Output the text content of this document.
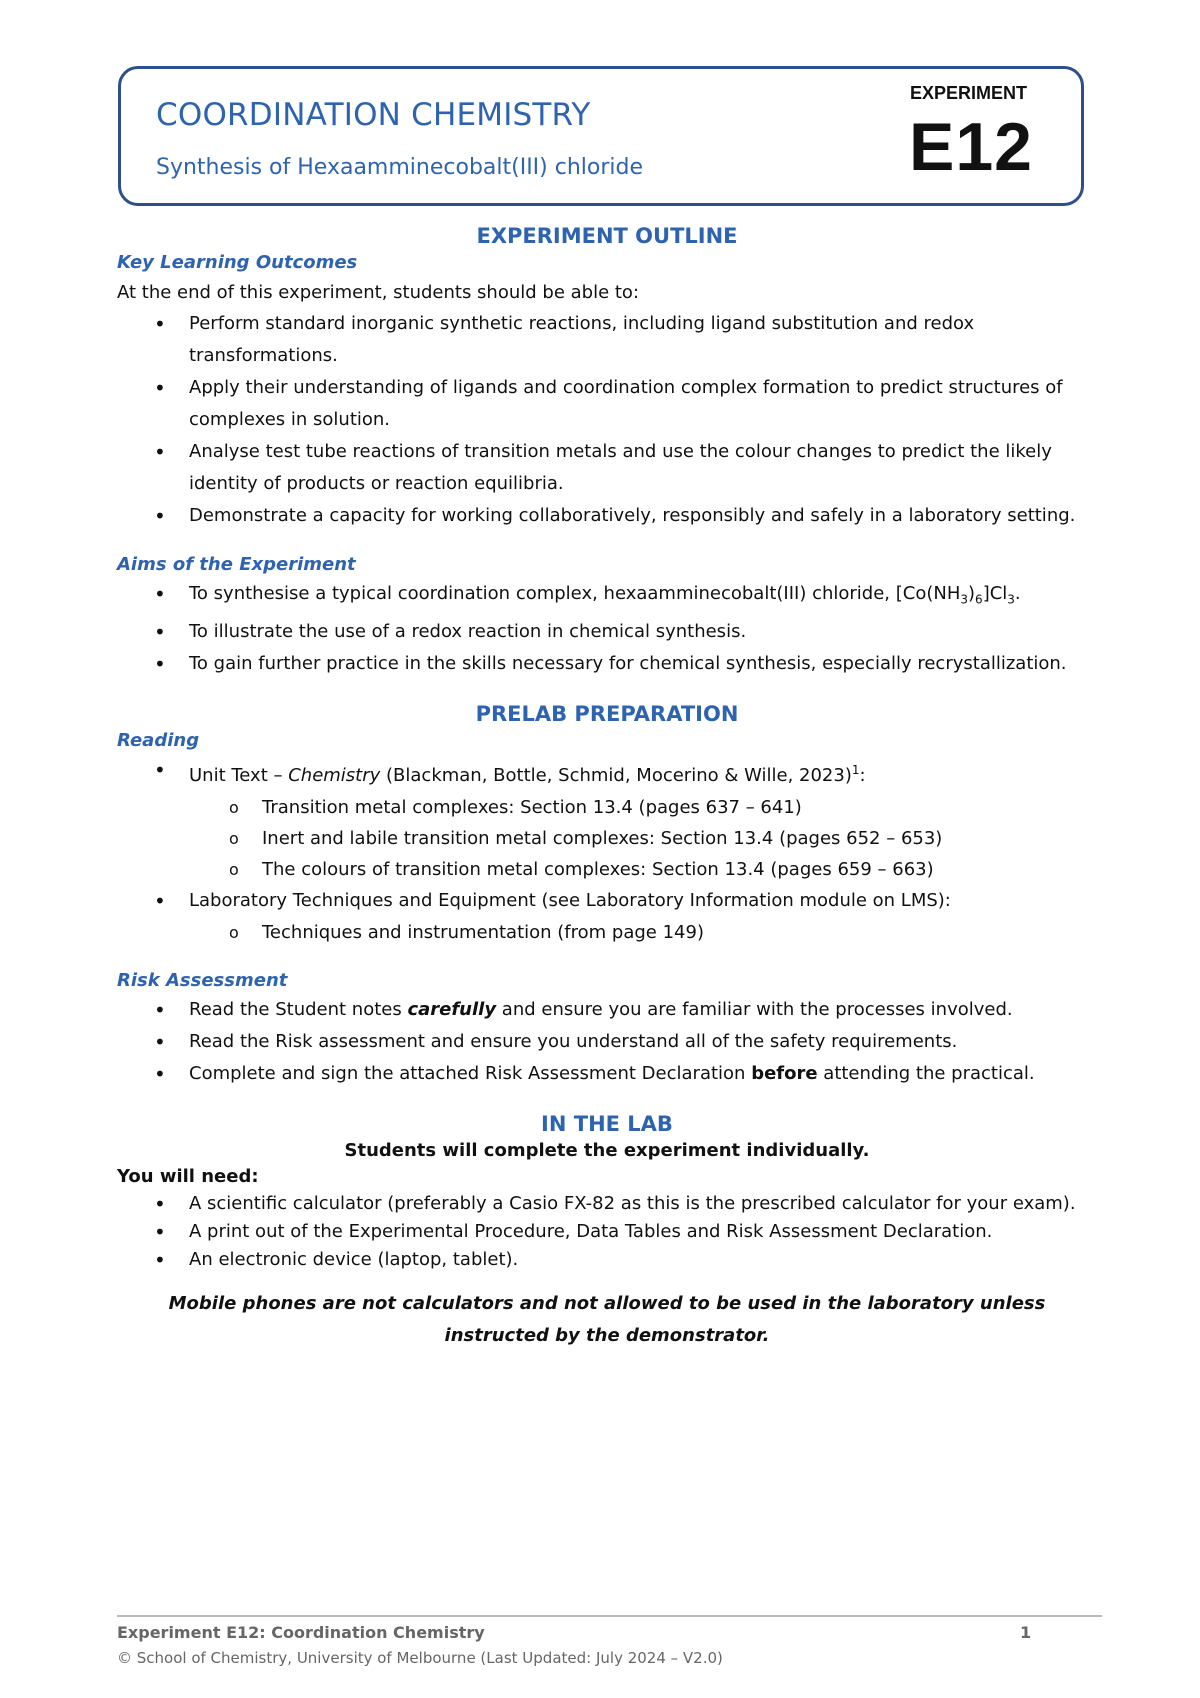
COORDINATION CHEMISTRY
Synthesis of Hexaamminecobalt(III) chloride
EXPERIMENT
E12
EXPERIMENT OUTLINE
Key Learning Outcomes

At the end of this experiment, students should be able to:

• Perform standard inorganic synthetic reactions, including ligand substitution and redox transformations.
• Apply their understanding of ligands and coordination complex formation to predict structures of complexes in solution.
• Analyse test tube reactions of transition metals and use the colour changes to predict the likely identity of products or reaction equilibria.
• Demonstrate a capacity for working collaboratively, responsibly and safely in a laboratory setting.
Aims of the Experiment
• To synthesise a typical coordination complex, hexaamminecobalt(III) chloride, $[Co(NH_3)_6]Cl_3$.
• To illustrate the use of a redox reaction in chemical synthesis.
• To gain further practice in the skills necessary for chemical synthesis, especially recrystallization.
PRELAB PREPARATION
Reading
• Unit Text – Chemistry (Blackman, Bottle, Schmid, Mocerino & Wille, 2023)$^1$:
o Transition metal complexes: Section 13.4 (pages 637 – 641)
o Inert and labile transition metal complexes: Section 13.4 (pages 652 – 653)
o The colours of transition metal complexes: Section 13.4 (pages 659 – 663)
• Laboratory Techniques and Equipment (see Laboratory Information module on LMS):
o Techniques and instrumentation (from page 149)
Risk Assessment
• Read the Student notes carefully and ensure you are familiar with the processes involved.
• Read the Risk assessment and ensure you understand all of the safety requirements.
• Complete and sign the attached Risk Assessment Declaration before attending the practical.
IN THE LAB

Students will complete the experiment individually.

You will need:

• A scientific calculator (preferably a Casio FX-82 as this is the prescribed calculator for your exam).
• A print out of the Experimental Procedure, Data Tables and Risk Assessment Declaration.
• An electronic device (laptop, tablet).

Mobile phones are not calculators and not allowed to be used in the laboratory unless instructed by the demonstrator.

Experiment E12: Coordination Chemistry	1
© School of Chemistry, University of Melbourne (Last Updated: July 2024 – V2.0)
